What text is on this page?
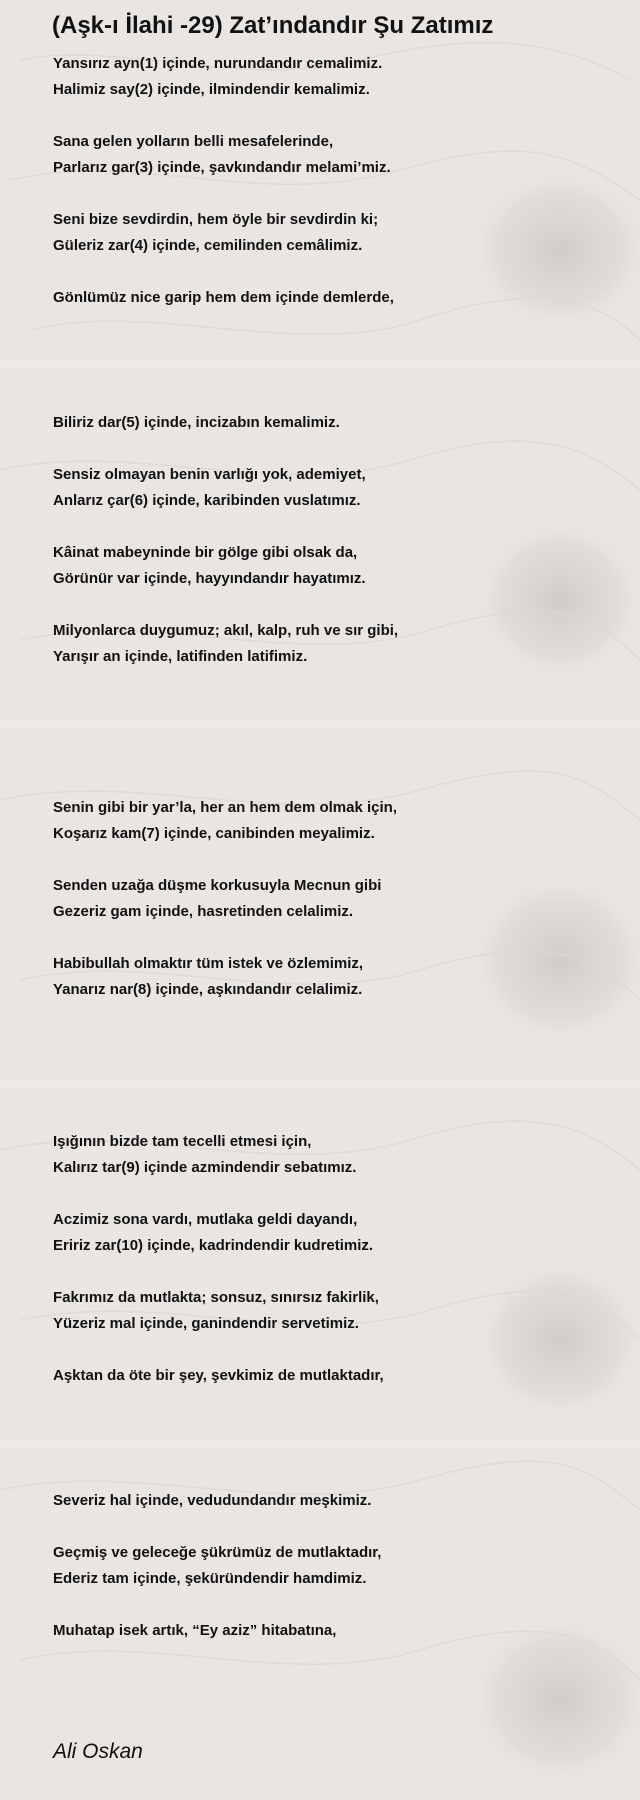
(Aşk-ı İlahi -29) Zat’ındandır Şu Zatımız
Yansırız ayn(1) içinde, nurundandır cemalimiz.
Halimiz say(2) içinde, ilmindendir kemalimiz.
Sana gelen yolların belli mesafelerinde,
Parlarız gar(3) içinde, şavkındandır melami’miz.
Seni bize sevdirdin, hem öyle bir sevdirdin ki;
Güleriz zar(4) içinde, cemilinden cemâlimiz.
Gönlümüz nice garip hem dem içinde demlerde,
Biliriz dar(5) içinde, incizabın kemalimiz.
Sensiz olmayan benin varlığı yok, ademiyet,
Anlarız çar(6) içinde, karibinden vuslatımız.
Kâinat mabeyninde bir gölge gibi olsak da,
Görünür var içinde, hayyındandır hayatımız.
Milyonlarca duygumuz; akıl, kalp, ruh ve sır gibi,
Yarışır an içinde, latifinden latifimiz.
Senin gibi bir yar’la, her an hem dem olmak için,
Koşarız kam(7) içinde, canibinden meyalimiz.
Senden uzağa düşme korkusuyla Mecnun gibi
Gezeriz gam içinde, hasretinden celalimiz.
Habibullah olmaktır tüm istek ve özlemimiz,
Yanarız nar(8) içinde, aşkındandır celalimiz.
Işığının bizde tam tecelli etmesi için,
Kalırız tar(9) içinde azmindendir sebatımız.
Aczimiz sona vardı, mutlaka geldi dayandı,
Eririz zar(10) içinde, kadrindendir kudretimiz.
Fakrımız da mutlakta; sonsuz, sınırsız fakirlik,
Yüzeriz mal içinde, ganindendir servetimiz.
Aşktan da öte bir şey, şevkimiz de mutlaktadır,
Severiz hal içinde, vedudundandır meşkimiz.
Geçmiş ve geleceğe şükrümüz de mutlaktadır,
Ederiz tam içinde, şeküründendir hamdimiz.
Muhatap isek artık, “Ey aziz” hitabatına,
Ali Oskan
